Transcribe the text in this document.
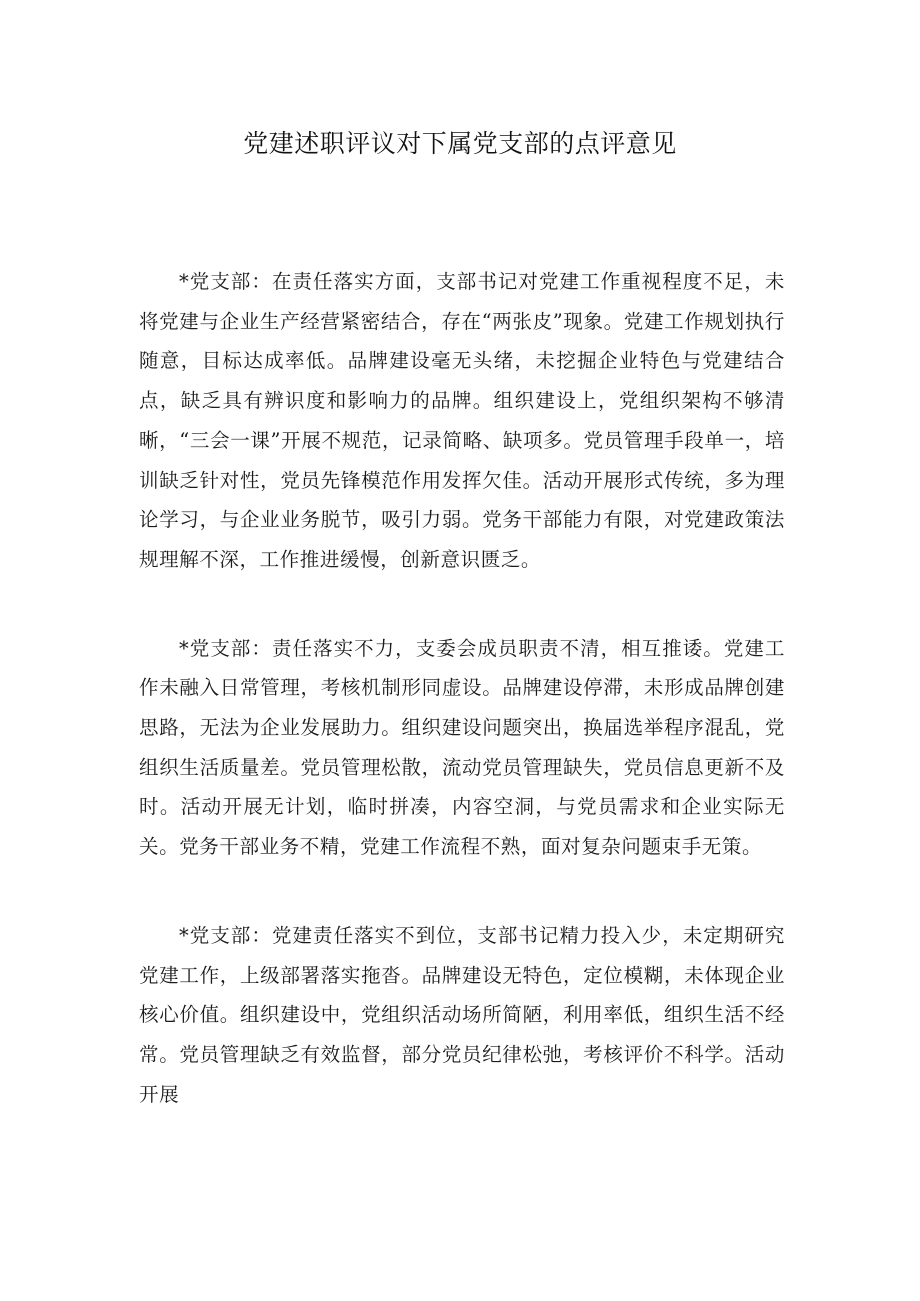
党建述职评议对下属党支部的点评意见

*党支部：在责任落实方面，支部书记对党建工作重视程度不足，未将党建与企业生产经营紧密结合，存在“两张皮”现象。党建工作规划执行随意，目标达成率低。品牌建设毫无头绪，未挖掘企业特色与党建结合点，缺乏具有辨识度和影响力的品牌。组织建设上，党组织架构不够清晰，“三会一课”开展不规范，记录简略、缺项多。党员管理手段单一，培训缺乏针对性，党员先锋模范作用发挥欠佳。活动开展形式传统，多为理论学习，与企业业务脱节，吸引力弱。党务干部能力有限，对党建政策法规理解不深，工作推进缓慢，创新意识匮乏。

*党支部：责任落实不力，支委会成员职责不清，相互推诿。党建工作未融入日常管理，考核机制形同虚设。品牌建设停滞，未形成品牌创建思路，无法为企业发展助力。组织建设问题突出，换届选举程序混乱，党组织生活质量差。党员管理松散，流动党员管理缺失，党员信息更新不及时。活动开展无计划，临时拼凑，内容空洞，与党员需求和企业实际无关。党务干部业务不精，党建工作流程不熟，面对复杂问题束手无策。

*党支部：党建责任落实不到位，支部书记精力投入少，未定期研究党建工作，上级部署落实拖沓。品牌建设无特色，定位模糊，未体现企业核心价值。组织建设中，党组织活动场所简陋，利用率低，组织生活不经常。党员管理缺乏有效监督，部分党员纪律松弛，考核评价不科学。活动开展
